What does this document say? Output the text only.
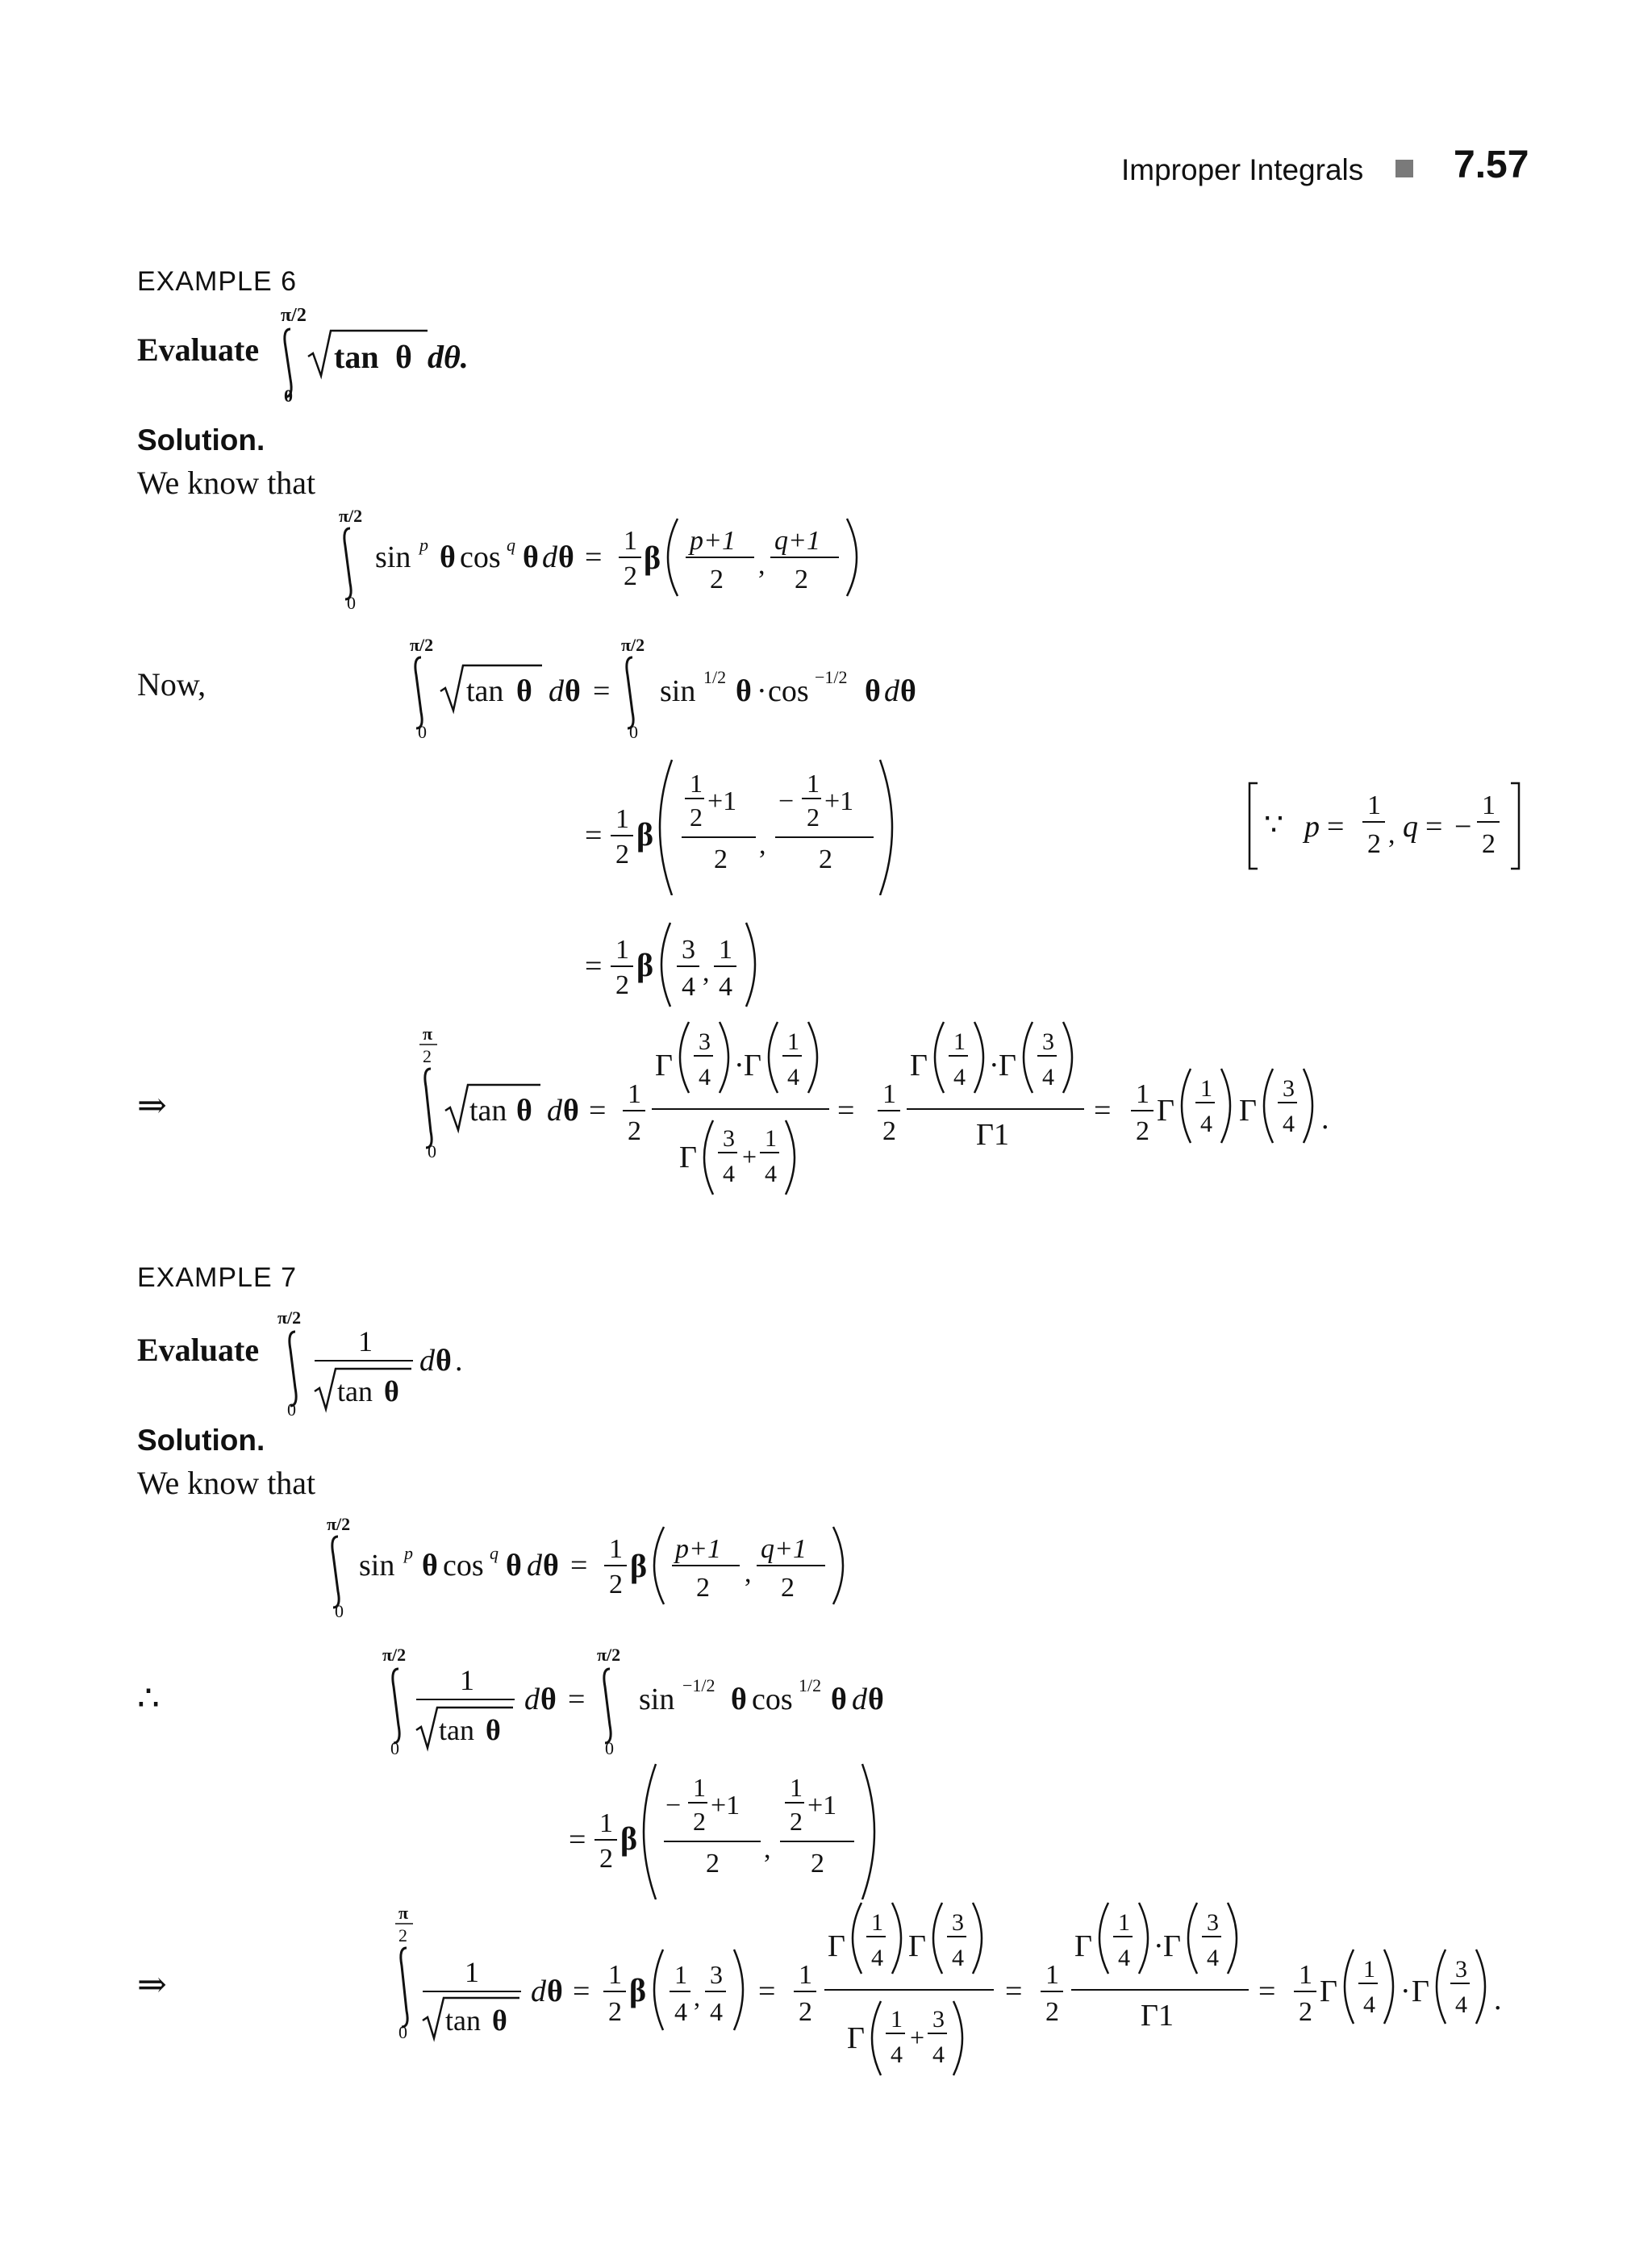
Improper Integrals 7.57
EXAMPLE 6
Evaluate
π/2
0
tan θ dθ.
Solution.
We know that
π/2
0
sin p θ cos q θ d θ = 1
2
β p+1
2 ,
q+1
2
Now,
π/2
0
tan θ d θ =
π/2
0
sin 1/2 θ · cos −1/2 θ d θ
= 1
2
β
1
2
+1
2 ,
−
1
2
+1
2
∵ p =
1
2 , q = −
1
2
= 1
2
β 3
4 ,
1
4
⇒
π
2
0
tan θ d θ = 1
2
Γ
3
4 · Γ
1
4
Γ
3
4
+
1
4
= 1
2
Γ
1
4 · Γ
3
4
Γ1
= 1
2
Γ
1
4 Γ
3
4 .
EXAMPLE 7
Evaluate
π/2
0
1
tan θ
d θ .
Solution.
We know that
π/2
0
sin p θ cos q θ d θ = 1
2
β p+1
2 ,
q+1
2
∴
π/2
0
1
tan θ
d θ =
π/2
0
sin −1/2 θ cos 1/2 θ d θ
= 1
2
β
−
1
2
+1
2 ,
1
2
+1
2
⇒
π
2
0
1
tan θ
d θ = 1
2
β 1
4 ,
3
4
= 1
2
Γ
1
4 Γ
3
4
Γ
1
4
+
3
4
= 1
2
Γ
1
4 · Γ
3
4
Γ1
= 1
2
Γ
1
4 · Γ
3
4 .
